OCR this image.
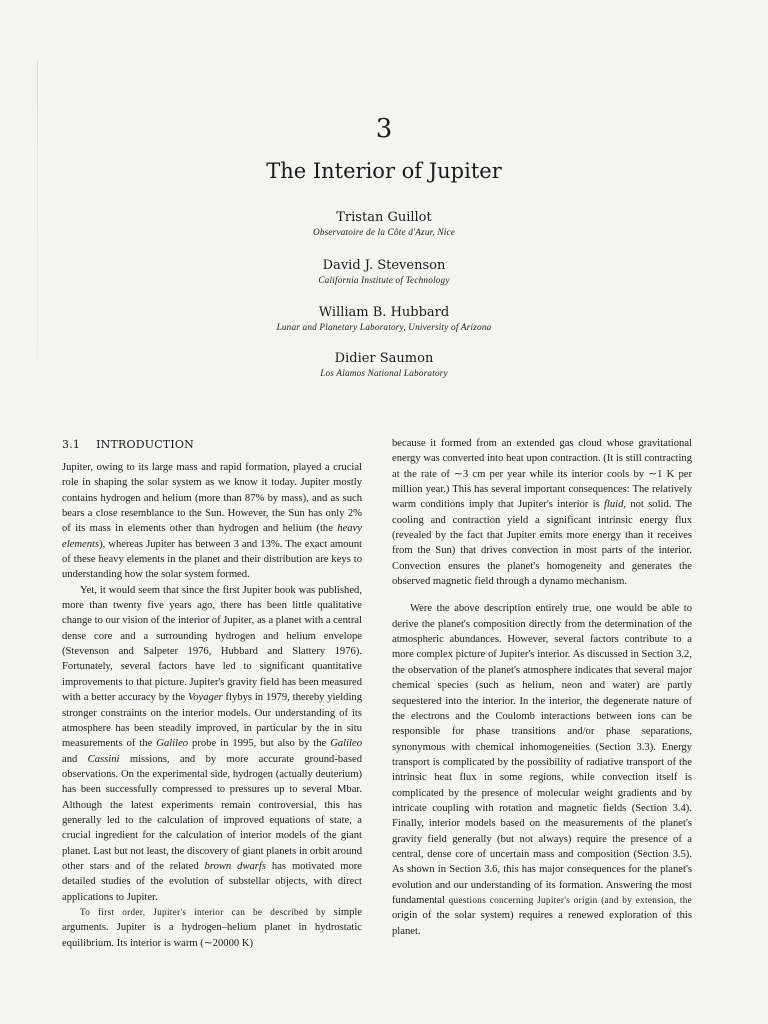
3
The Interior of Jupiter
Tristan Guillot
Observatoire de la Côte d'Azur, Nice
David J. Stevenson
California Institute of Technology
William B. Hubbard
Lunar and Planetary Laboratory, University of Arizona
Didier Saumon
Los Alamos National Laboratory
3.1 INTRODUCTION

Jupiter, owing to its large mass and rapid formation, played a crucial role in shaping the solar system as we know it today. Jupiter mostly contains hydrogen and helium (more than 87% by mass), and as such bears a close resemblance to the Sun. However, the Sun has only 2% of its mass in elements other than hydrogen and helium (the heavy elements), whereas Jupiter has between 3 and 13%. The exact amount of these heavy elements in the planet and their distribution are keys to understanding how the solar system formed.

Yet, it would seem that since the first Jupiter book was published, more than twenty five years ago, there has been little qualitative change to our vision of the interior of Jupiter, as a planet with a central dense core and a surrounding hydrogen and helium envelope (Stevenson and Salpeter 1976, Hubbard and Slattery 1976). Fortunately, several factors have led to significant quantitative improvements to that picture. Jupiter's gravity field has been measured with a better accuracy by the Voyager flybys in 1979, thereby yielding stronger constraints on the interior models. Our understanding of its atmosphere has been steadily improved, in particular by the in situ measurements of the Galileo probe in 1995, but also by the Galileo and Cassini missions, and by more accurate ground-based observations. On the experimental side, hydrogen (actually deuterium) has been successfully compressed to pressures up to several Mbar. Although the latest experiments remain controversial, this has generally led to the calculation of improved equations of state, a crucial ingredient for the calculation of interior models of the giant planet. Last but not least, the discovery of giant planets in orbit around other stars and of the related brown dwarfs has motivated more detailed studies of the evolution of substellar objects, with direct applications to Jupiter.

To first order, Jupiter's interior can be described by simple arguments. Jupiter is a hydrogen–helium planet in hydrostatic equilibrium. Its interior is warm (∼20000 K)

because it formed from an extended gas cloud whose gravitational energy was converted into heat upon contraction. (It is still contracting at the rate of ∼3 cm per year while its interior cools by ∼1 K per million year.) This has several important consequences: The relatively warm conditions imply that Jupiter's interior is fluid, not solid. The cooling and contraction yield a significant intrinsic energy flux (revealed by the fact that Jupiter emits more energy than it receives from the Sun) that drives convection in most parts of the interior. Convection ensures the planet's homogeneity and generates the observed magnetic field through a dynamo mechanism.

Were the above description entirely true, one would be able to derive the planet's composition directly from the determination of the atmospheric abundances. However, several factors contribute to a more complex picture of Jupiter's interior. As discussed in Section 3.2, the observation of the planet's atmosphere indicates that several major chemical species (such as helium, neon and water) are partly sequestered into the interior. In the interior, the degenerate nature of the electrons and the Coulomb interactions between ions can be responsible for phase transitions and/or phase separations, synonymous with chemical inhomogeneities (Section 3.3). Energy transport is complicated by the possibility of radiative transport of the intrinsic heat flux in some regions, while convection itself is complicated by the presence of molecular weight gradients and by intricate coupling with rotation and magnetic fields (Section 3.4). Finally, interior models based on the measurements of the planet's gravity field generally (but not always) require the presence of a central, dense core of uncertain mass and composition (Section 3.5). As shown in Section 3.6, this has major consequences for the planet's evolution and our understanding of its formation. Answering the most fundamental questions concerning Jupiter's origin (and by extension, the origin of the solar system) requires a renewed exploration of this planet.
